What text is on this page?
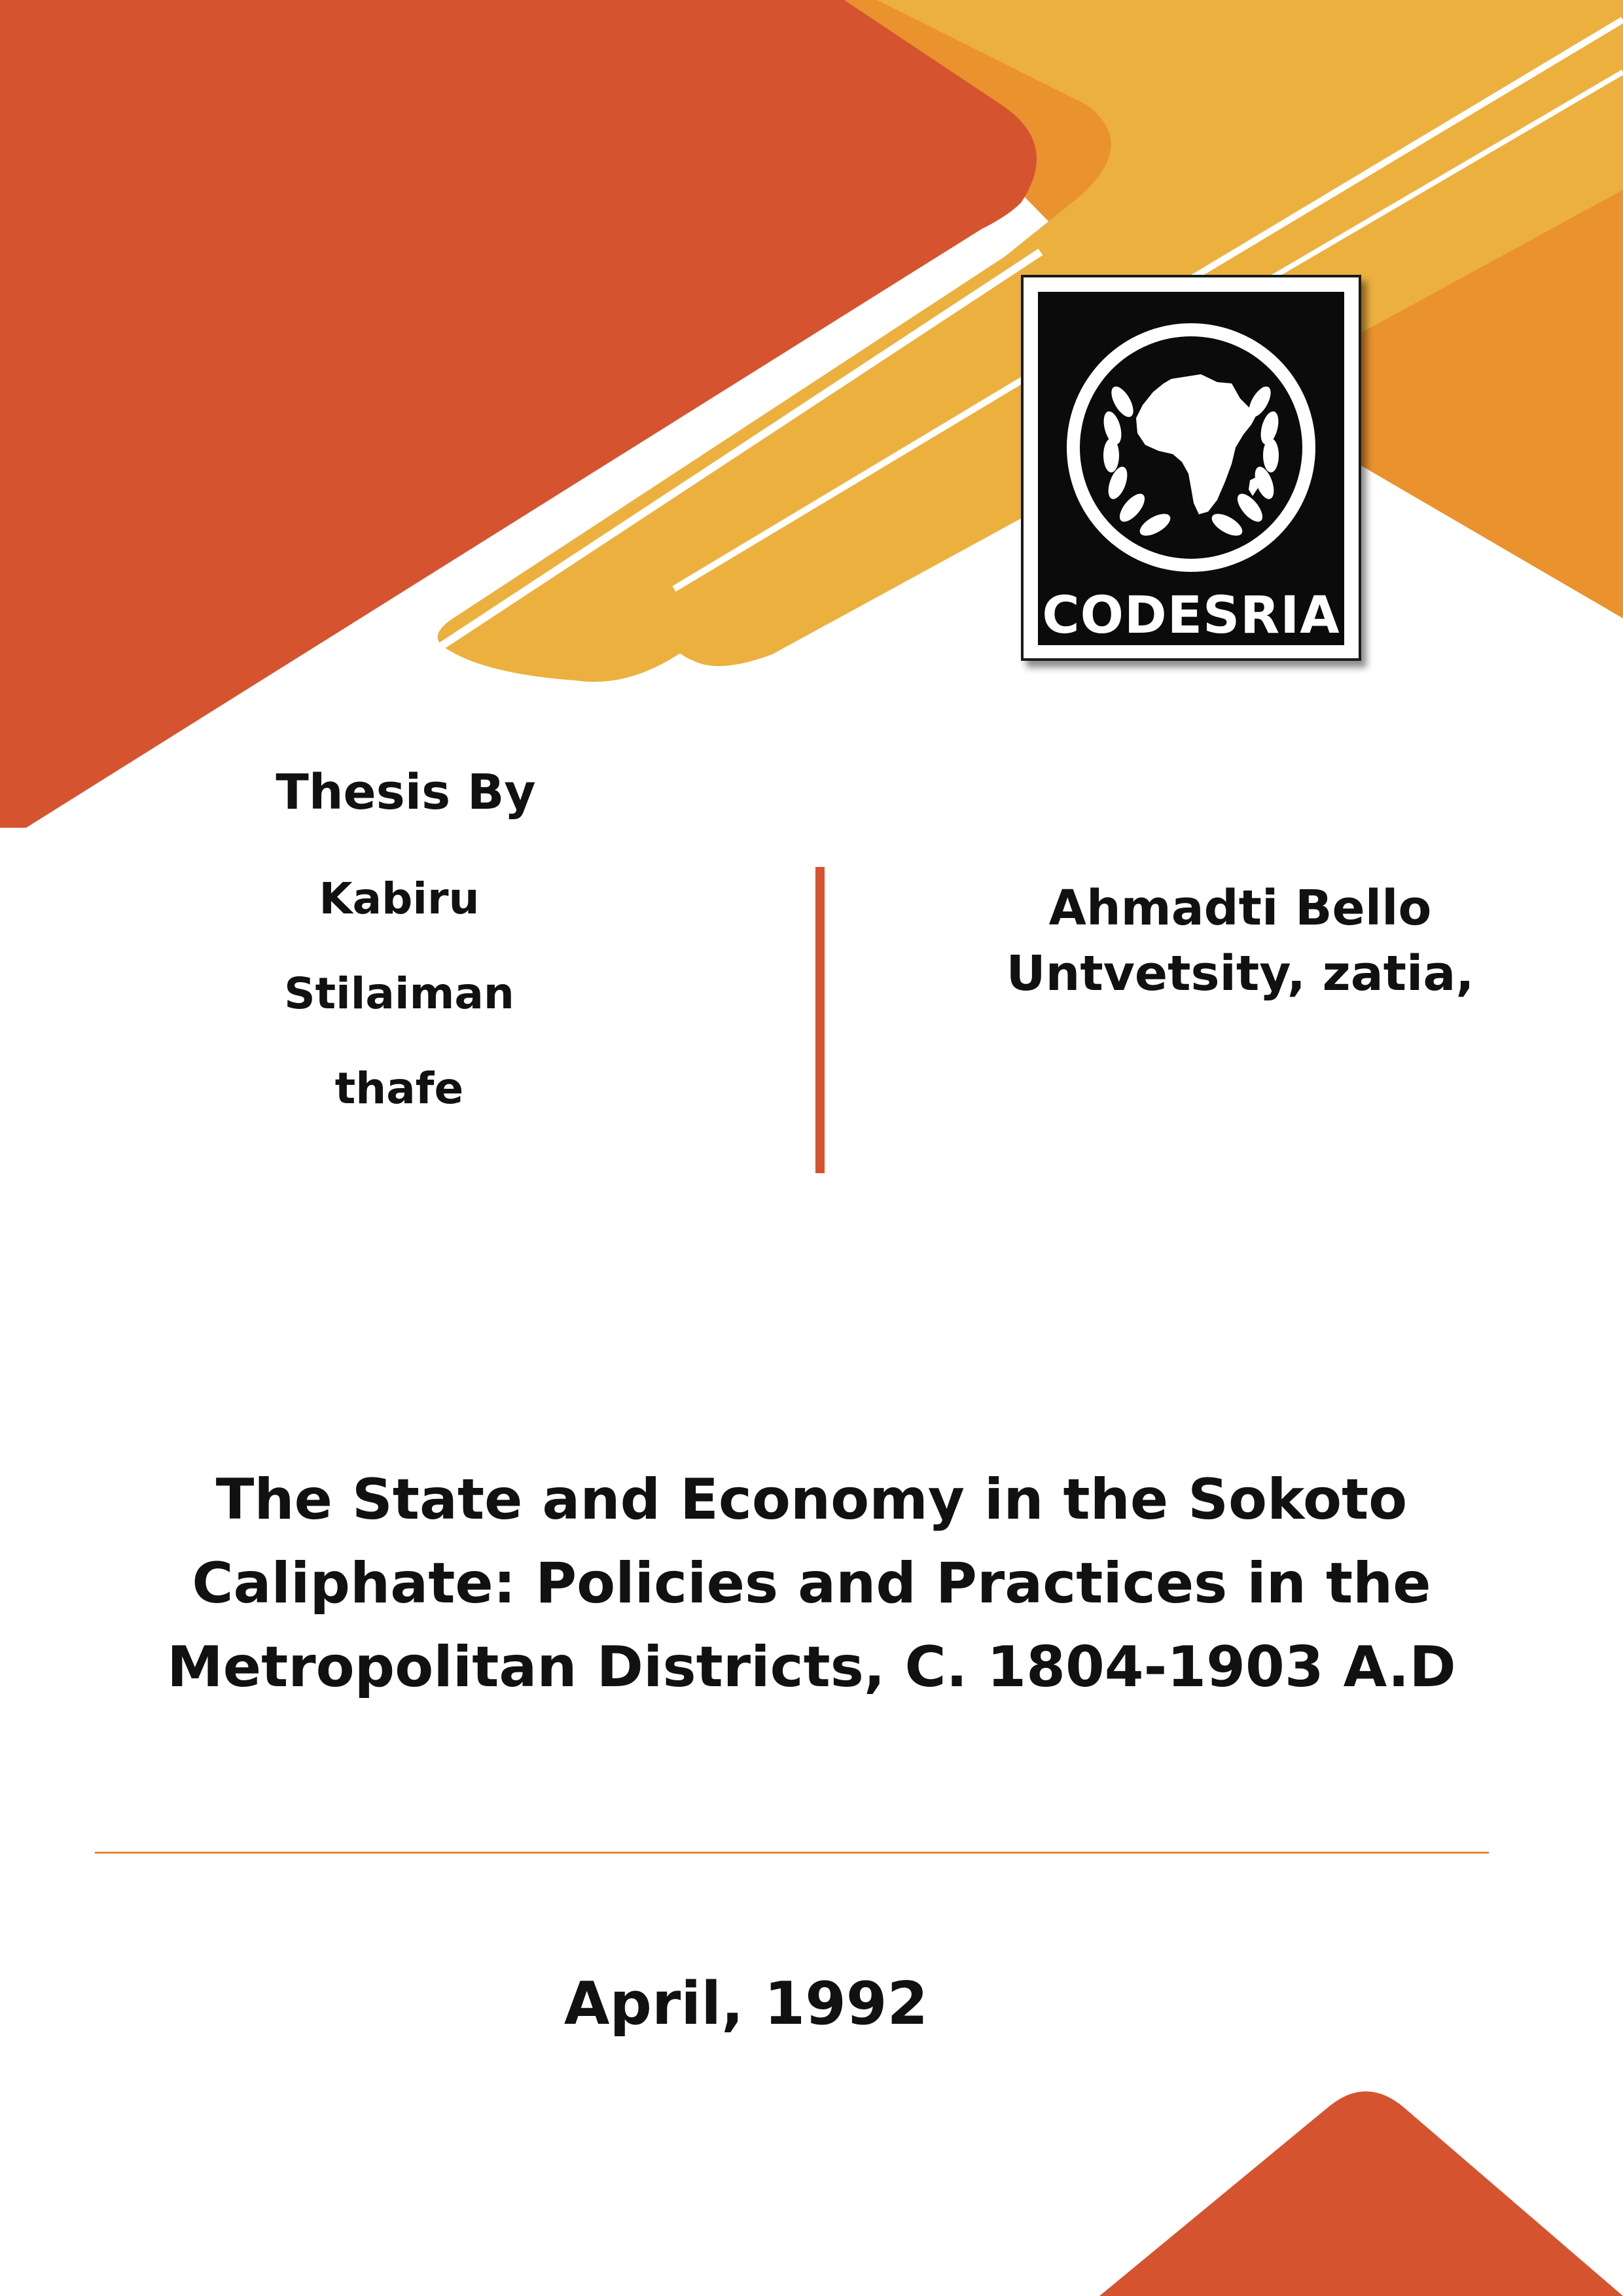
CODESRIA
Thesis By
Kabiru
Stilaiman
thafe
Ahmadti Bello
Untvetsity, zatia,
The State and Economy in the Sokoto
Caliphate: Policies and Practices in the
Metropolitan Districts, C. 1804-1903 A.D
April, 1992
